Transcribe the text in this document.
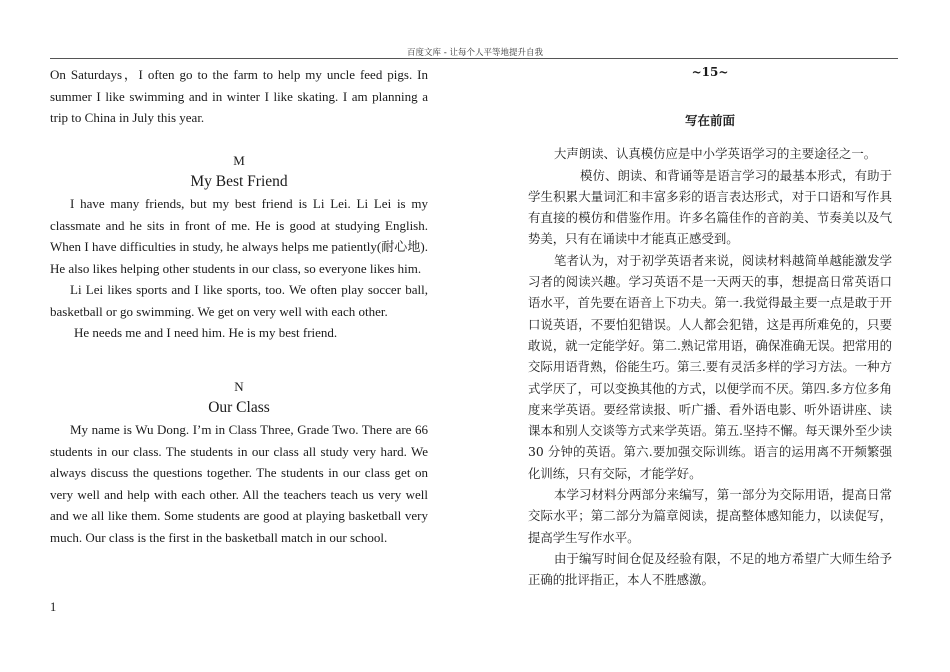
百度文库 - 让每个人平等地提升自我

On Saturdays，I often go to the farm to help my uncle feed pigs. In summer I like swimming and in winter I like skating. I am planning a trip to China in July this year.

M

My Best Friend

I have many friends, but my best friend is Li Lei. Li Lei is my classmate and he sits in front of me. He is good at studying English. When I have difficulties in study, he always helps me patiently(耐心地). He also likes helping other students in our class, so everyone likes him.

Li Lei likes sports and I like sports, too. We often play soccer ball, basketball or go swimming. We get on very well with each other.

He needs me and I need him. He is my best friend.

N

Our Class

My name is Wu Dong. I’m in Class Three, Grade Two. There are 66 students in our class. The students in our class all study very hard. We always discuss the questions together. The students in our class get on very well and help with each other. All the teachers teach us very well and we all like them. Some students are good at playing basketball very much. Our class is the first in the basketball match in our school.

1

~15~

写在前面

大声朗读、认真模仿应是中小学英语学习的主要途径之一。

模仿、朗读、和背诵等是语言学习的最基本形式，有助于学生积累大量词汇和丰富多彩的语言表达形式，对于口语和写作具有直接的模仿和借鉴作用。许多名篇佳作的音韵美、节奏美以及气势美，只有在诵读中才能真正感受到。

笔者认为，对于初学英语者来说，阅读材料越简单越能激发学习者的阅读兴趣。学习英语不是一天两天的事，想提高日常英语口语水平，首先要在语音上下功夫。第一.我觉得最主要一点是敢于开口说英语，不要怕犯错误。人人都会犯错，这是再所难免的，只要敢说，就一定能学好。第二.熟记常用语，确保准确无误。把常用的交际用语背熟，俗能生巧。第三.要有灵活多样的学习方法。一种方式学厌了，可以变换其他的方式，以便学而不厌。第四.多方位多角度来学英语。要经常读报、听广播、看外语电影、听外语讲座、读课本和别人交谈等方式来学英语。第五.坚持不懈。每天课外至少读 30 分钟的英语。第六.要加强交际训练。语言的运用离不开频繁强化训练，只有交际，才能学好。

本学习材料分两部分来编写，第一部分为交际用语，提高日常交际水平；第二部分为篇章阅读，提高整体感知能力，以读促写，提高学生写作水平。

由于编写时间仓促及经验有限，不足的地方希望广大师生给予正确的批评指正，本人不胜感激。
